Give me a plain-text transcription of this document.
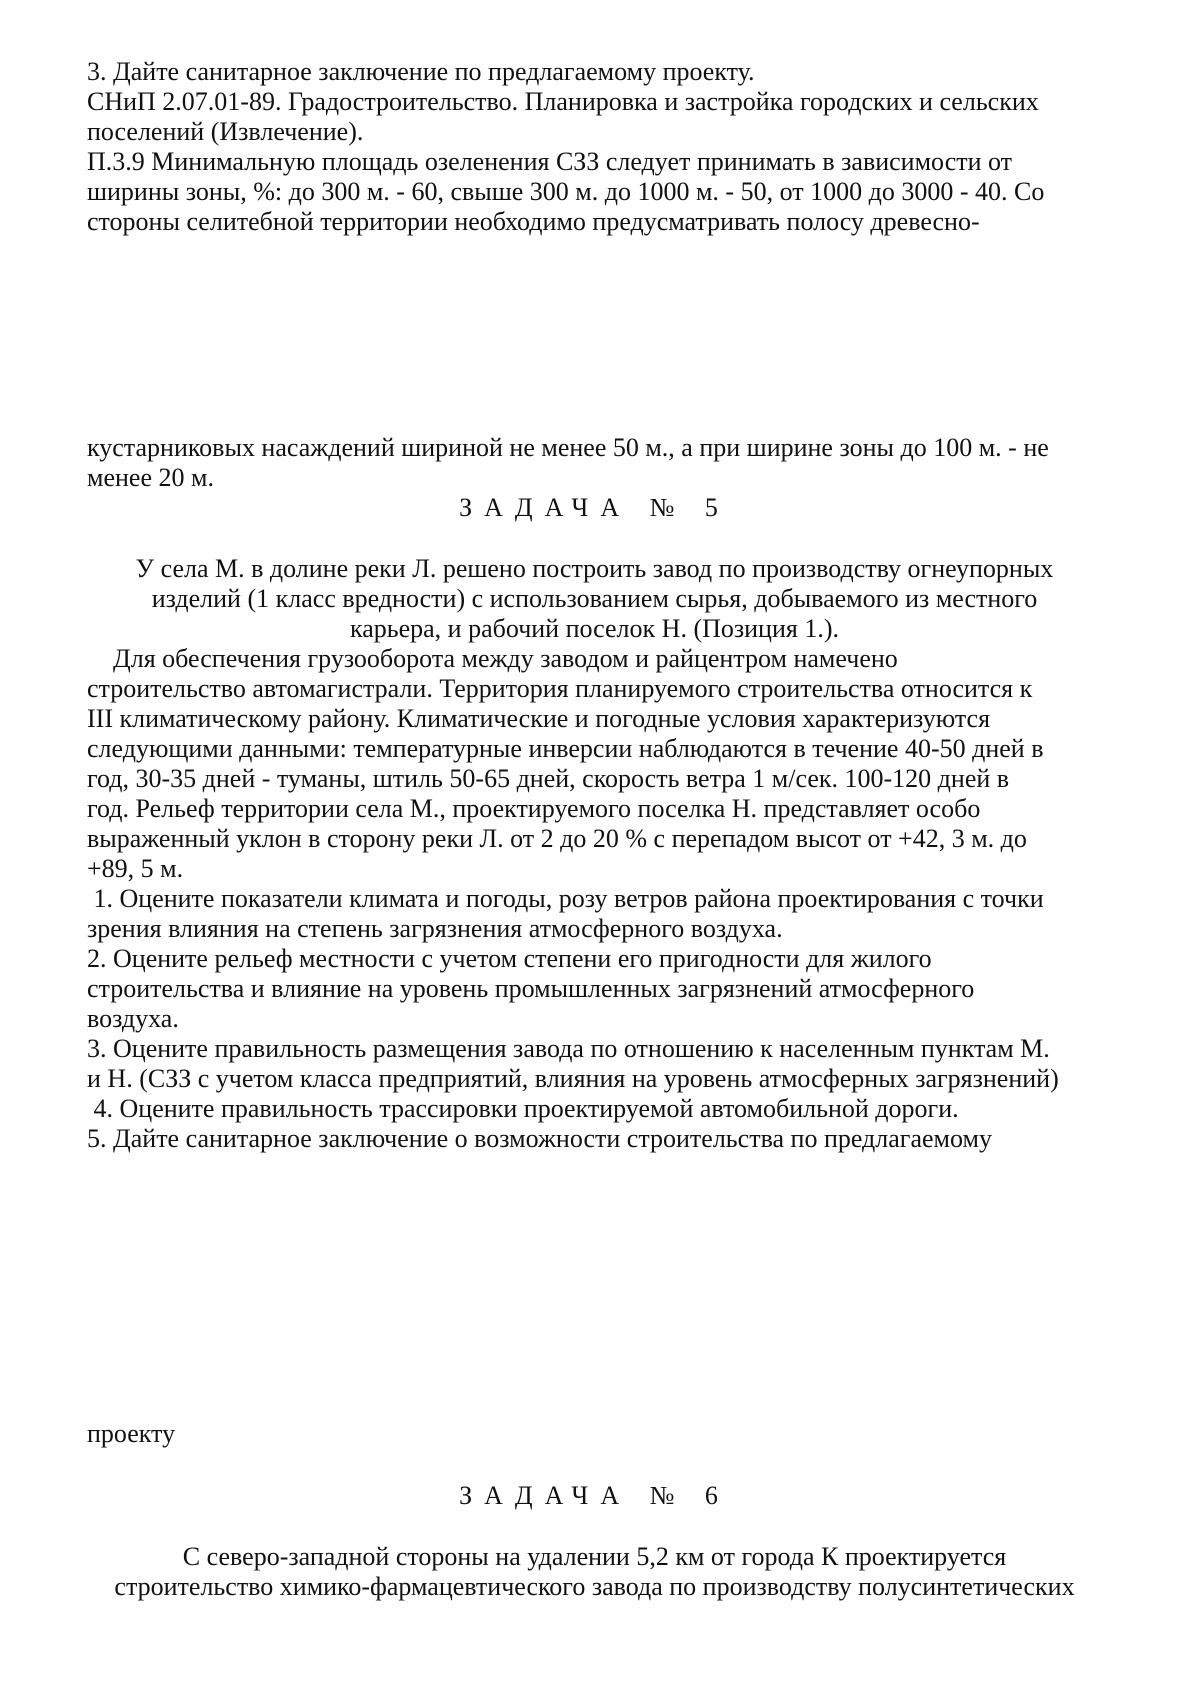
3. Дайте санитарное заключение по предлагаемому проекту.
СНиП 2.07.01-89. Градостроительство. Планировка и застройка городских и сельских
поселений (Извлечение).
П.3.9 Минимальную площадь озеленения СЗЗ следует принимать в зависимости от
ширины зоны, %: до 300 м. - 60, свыше 300 м. до 1000 м. - 50, от 1000 до 3000 - 40. Со
стороны селитебной территории необходимо предусматривать полосу древесно-
кустарниковых насаждений шириной не менее 50 м., а при ширине зоны до 100 м. - не
менее 20 м.
ЗАДАЧА № 5
У села М. в долине реки Л. решено построить завод по производству огнеупорных
изделий (1 класс вредности) с использованием сырья, добываемого из местного
карьера, и рабочий поселок Н. (Позиция 1.).
Для обеспечения грузооборота между заводом и райцентром намечено
строительство автомагистрали. Территория планируемого строительства относится к
III климатическому району. Климатические и погодные условия характеризуются
следующими данными: температурные инверсии наблюдаются в течение 40-50 дней в
год, 30-35 дней - туманы, штиль 50-65 дней, скорость ветра 1 м/сек. 100-120 дней в
год. Рельеф территории села М., проектируемого поселка Н. представляет особо
выраженный уклон в сторону реки Л. от 2 до 20 % с перепадом высот от +42, 3 м. до
+89, 5 м.
1. Оцените показатели климата и погоды, розу ветров района проектирования с точки
зрения влияния на степень загрязнения атмосферного воздуха.
2. Оцените рельеф местности с учетом степени его пригодности для жилого
строительства и влияние на уровень промышленных загрязнений атмосферного
воздуха.
3. Оцените правильность размещения завода по отношению к населенным пунктам М.
и Н. (СЗЗ с учетом класса предприятий, влияния на уровень атмосферных загрязнений)
4. Оцените правильность трассировки проектируемой автомобильной дороги.
5. Дайте санитарное заключение о возможности строительства по предлагаемому
проекту
ЗАДАЧА № 6
С северо-западной стороны на удалении 5,2 км от города К проектируется
строительство химико-фармацевтического завода по производству полусинтетических
